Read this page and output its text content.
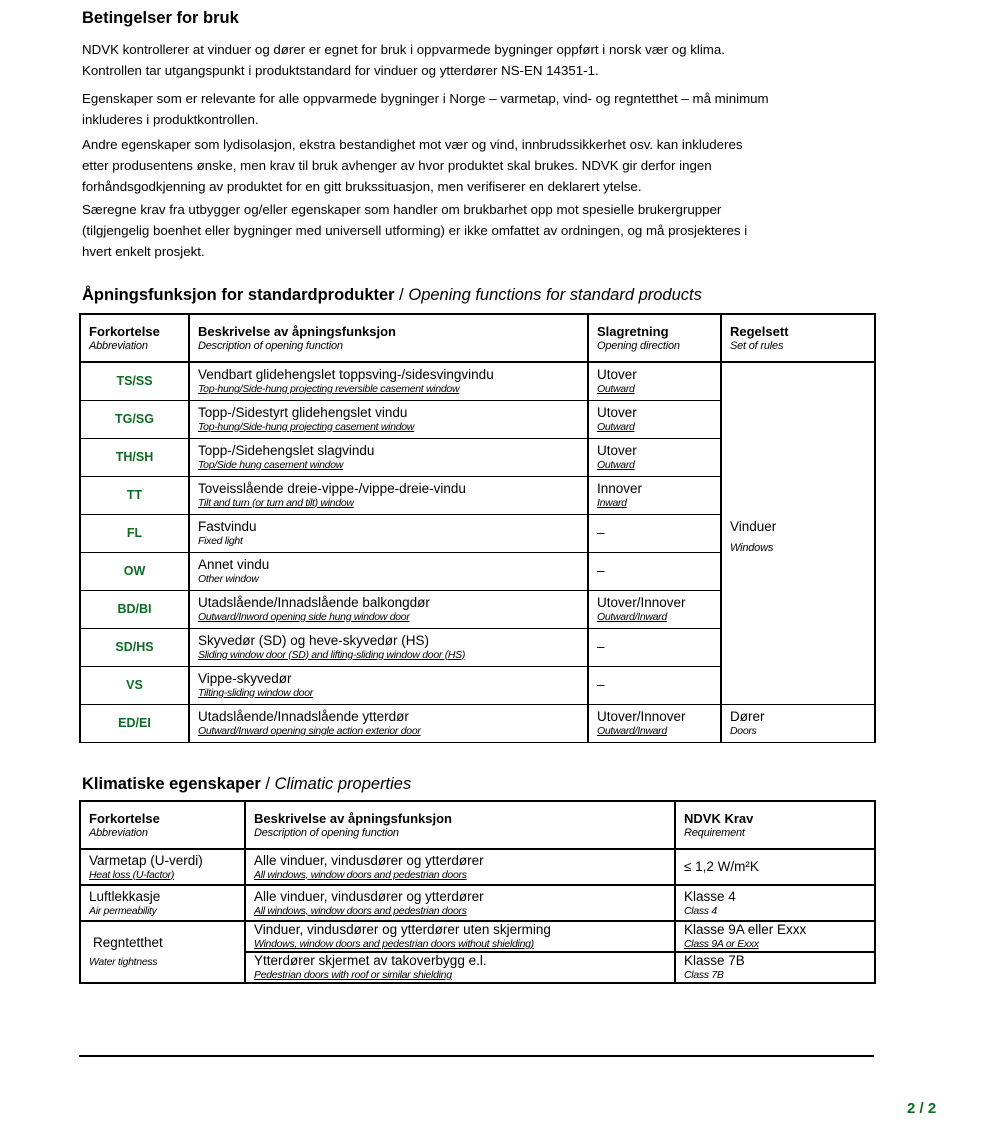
Betingelser for bruk
NDVK kontrollerer at vinduer og dører er egnet for bruk i oppvarmede bygninger oppført i norsk vær og klima.
Kontrollen tar utgangspunkt i produktstandard for vinduer og ytterdører NS-EN 14351-1.
Egenskaper som er relevante for alle oppvarmede bygninger i Norge – varmetap, vind- og regntetthet – må minimum
inkluderes i produktkontrollen.
Andre egenskaper som lydisolasjon, ekstra bestandighet mot vær og vind, innbrudssikkerhet osv. kan inkluderes
etter produsentens ønske, men krav til bruk avhenger av hvor produktet skal brukes. NDVK gir derfor ingen
forhåndsgodkjenning av produktet for en gitt brukssituasjon, men verifiserer en deklarert ytelse.
Særegne krav fra utbygger og/eller egenskaper som handler om brukbarhet opp mot spesielle brukergrupper
(tilgjengelig boenhet eller bygninger med universell utforming) er ikke omfattet av ordningen, og må prosjekteres i
hvert enkelt prosjekt.
Åpningsfunksjon for standardprodukter / Opening functions for standard products
Forkortelse
Abbreviation	Beskrivelse av åpningsfunksjon
Description of opening function	Slagretning
Opening direction	Regelsett
Set of rules

TS/SS	Vendbart glidehengslet toppsving-/sidesvingvindu
Top-hung/Side-hung projecting reversible casement window	Utover
Outward	Vinduer
Windows

TG/SG	Topp-/Sidestyrt glidehengslet vindu
Top-hung/Side-hung projecting casement window	Utover
Outward	

TH/SH	Topp-/Sidehengslet slagvindu
Top/Side hung casement window	Utover
Outward	

TT	Toveisslående dreie-vippe-/vippe-dreie-vindu
Tilt and turn (or turn and tilt) window	Innover
Inward	

FL	Fastvindu
Fixed light	–	

OW	Annet vindu
Other window	–	

BD/BI	Utadslående/Innadslående balkongdør
Outward/Inword opening side hung window door	Utover/Innover
Outward/Inward	

SD/HS	Skyvedør (SD) og heve-skyvedør (HS)
Sliding window door (SD) and lifting-sliding window door (HS)	–	

VS	Vippe-skyvedør
Tilting-sliding window door	–	

ED/EI	Utadslående/Innadslående ytterdør
Outward/Inward opening single action exterior door	Utover/Innover
Outward/Inward	Dører
Doors
Klimatiske egenskaper / Climatic properties
Forkortelse
Abbreviation	Beskrivelse av åpningsfunksjon
Description of opening function	NDVK Krav
Requirement

Varmetap (U-verdi)
Heat loss (U-factor)	Alle vinduer, vindusdører og ytterdører
All windows, window doors and pedestrian doors	≤ 1,2 W/m²K

Luftlekkasje
Air permeability	Alle vinduer, vindusdører og ytterdører
All windows, window doors and pedestrian doors	Klasse 4
Class 4

Regntetthet
Water tightness	Vinduer, vindusdører og ytterdører uten skjerming
Windows, window doors and pedestrian doors without shielding)	Klasse 9A eller Exxx
Class 9A or Exxx

	Ytterdører skjermet av takoverbygg e.l.
Pedestrian doors with roof or similar shielding	Klasse 7B
Class 7B
2 / 2
